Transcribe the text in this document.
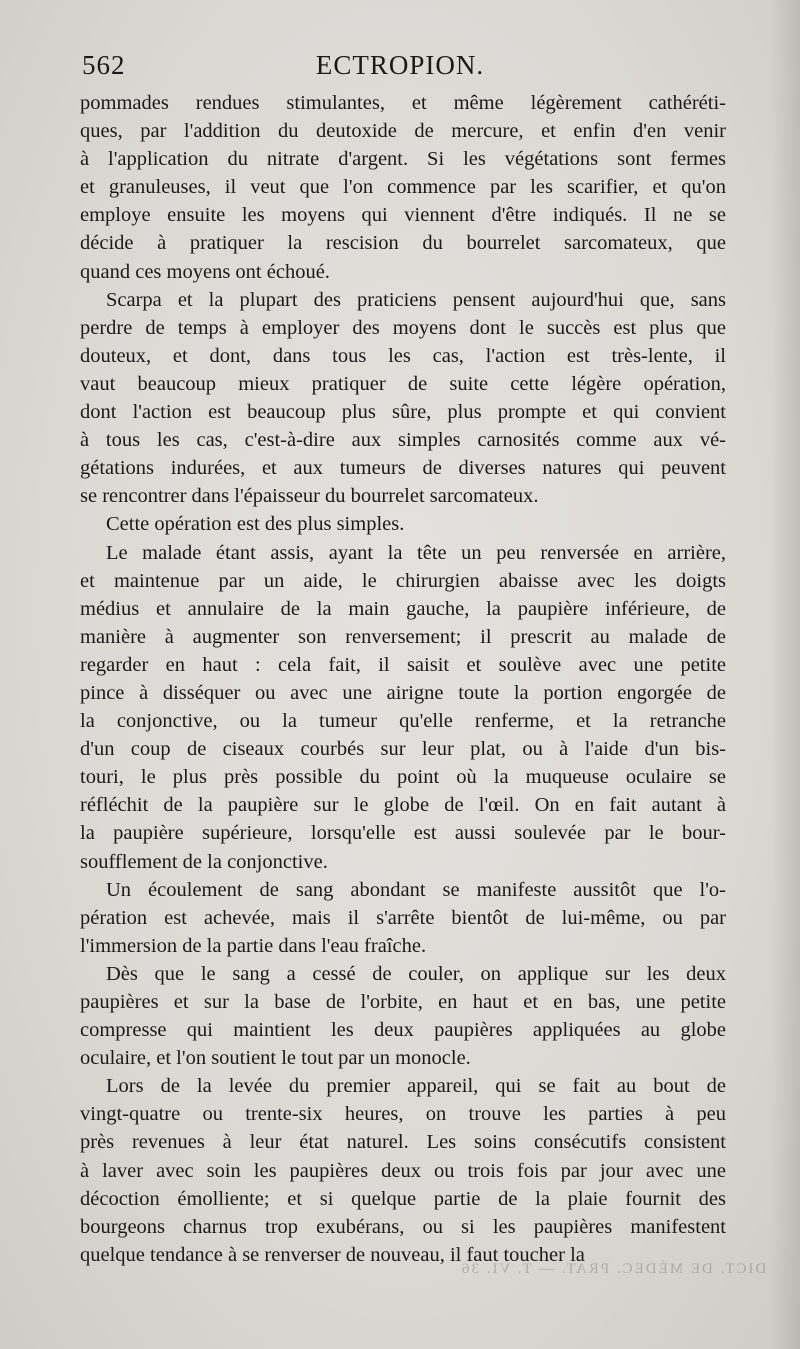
562	ECTROPION.

pommades rendues stimulantes, et même légèrement cathéréti-
ques, par l'addition du deutoxide de mercure, et enfin d'en venir
à l'application du nitrate d'argent. Si les végétations sont fermes
et granuleuses, il veut que l'on commence par les scarifier, et qu'on
employe ensuite les moyens qui viennent d'être indiqués. Il ne se
décide à pratiquer la rescision du bourrelet sarcomateux, que
quand ces moyens ont échoué.

Scarpa et la plupart des praticiens pensent aujourd'hui que, sans
perdre de temps à employer des moyens dont le succès est plus que
douteux, et dont, dans tous les cas, l'action est très-lente, il
vaut beaucoup mieux pratiquer de suite cette légère opération,
dont l'action est beaucoup plus sûre, plus prompte et qui convient
à tous les cas, c'est-à-dire aux simples carnosités comme aux vé-
gétations indurées, et aux tumeurs de diverses natures qui peuvent
se rencontrer dans l'épaisseur du bourrelet sarcomateux.

Cette opération est des plus simples.

Le malade étant assis, ayant la tête un peu renversée en arrière,
et maintenue par un aide, le chirurgien abaisse avec les doigts
médius et annulaire de la main gauche, la paupière inférieure, de
manière à augmenter son renversement; il prescrit au malade de
regarder en haut : cela fait, il saisit et soulève avec une petite
pince à disséquer ou avec une airigne toute la portion engorgée de
la conjonctive, ou la tumeur qu'elle renferme, et la retranche
d'un coup de ciseaux courbés sur leur plat, ou à l'aide d'un bis-
touri, le plus près possible du point où la muqueuse oculaire se
réfléchit de la paupière sur le globe de l'œil. On en fait autant à
la paupière supérieure, lorsqu'elle est aussi soulevée par le bour-
soufflement de la conjonctive.

Un écoulement de sang abondant se manifeste aussitôt que l'o-
pération est achevée, mais il s'arrête bientôt de lui-même, ou par
l'immersion de la partie dans l'eau fraîche.

Dès que le sang a cessé de couler, on applique sur les deux
paupières et sur la base de l'orbite, en haut et en bas, une petite
compresse qui maintient les deux paupières appliquées au globe
oculaire, et l'on soutient le tout par un monocle.

Lors de la levée du premier appareil, qui se fait au bout de
vingt-quatre ou trente-six heures, on trouve les parties à peu
près revenues à leur état naturel. Les soins consécutifs consistent
à laver avec soin les paupières deux ou trois fois par jour avec une
décoction émolliente; et si quelque partie de la plaie fournit des
bourgeons charnus trop exubérans, ou si les paupières manifestent
quelque tendance à se renverser de nouveau, il faut toucher la

DICT. DE MÉDEC. PRAT. — T. VI. 36
